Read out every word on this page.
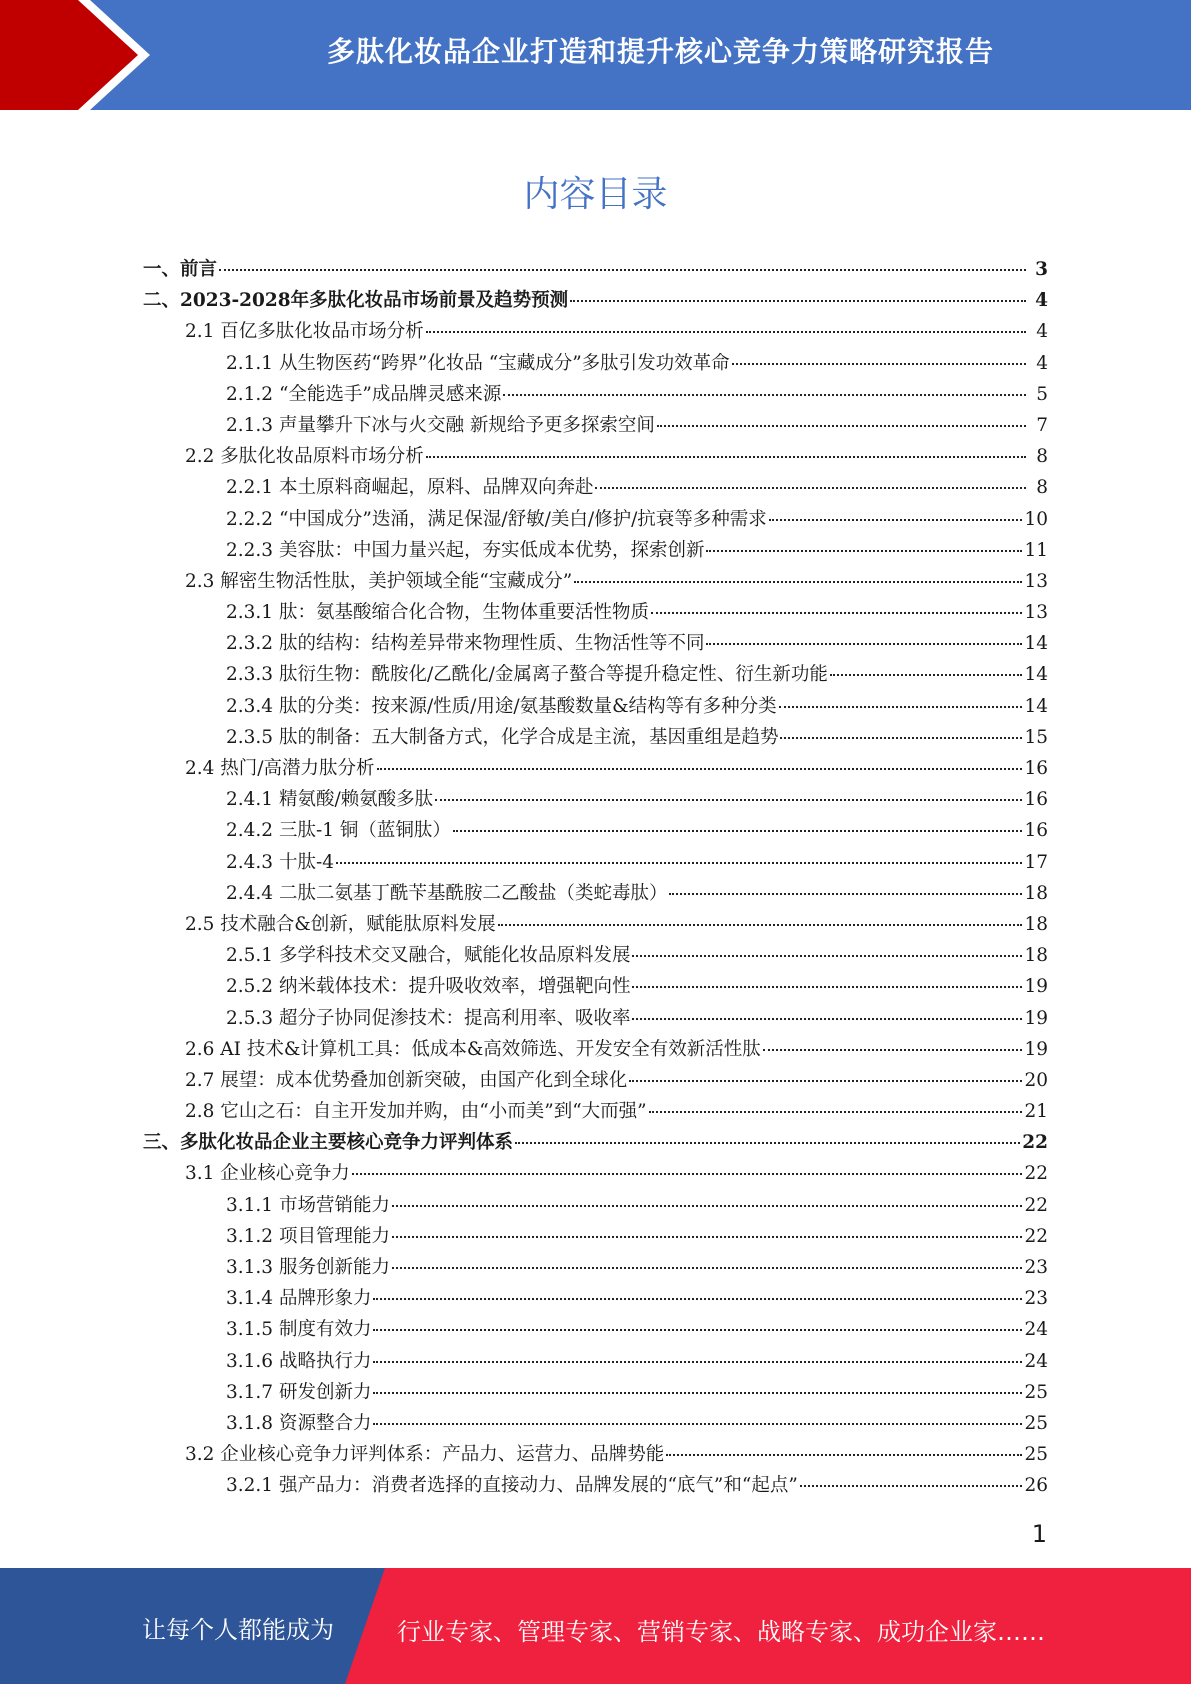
多肽化妆品企业打造和提升核心竞争力策略研究报告
内容目录
一、前言	3
二、2023-2028年多肽化妆品市场前景及趋势预测	4
2.1 百亿多肽化妆品市场分析	4
2.1.1 从生物医药“跨界”化妆品 “宝藏成分”多肽引发功效革命	4
2.1.2 “全能选手”成品牌灵感来源	5
2.1.3 声量攀升下冰与火交融 新规给予更多探索空间	7
2.2 多肽化妆品原料市场分析	8
2.2.1 本土原料商崛起，原料、品牌双向奔赴	8
2.2.2 “中国成分”迭涌，满足保湿/舒敏/美白/修护/抗衰等多种需求	10
2.2.3 美容肽：中国力量兴起，夯实低成本优势，探索创新	11
2.3 解密生物活性肽，美护领域全能“宝藏成分”	13
2.3.1 肽：氨基酸缩合化合物，生物体重要活性物质	13
2.3.2 肽的结构：结构差异带来物理性质、生物活性等不同	14
2.3.3 肽衍生物：酰胺化/乙酰化/金属离子螯合等提升稳定性、衍生新功能	14
2.3.4 肽的分类：按来源/性质/用途/氨基酸数量&结构等有多种分类	14
2.3.5 肽的制备：五大制备方式，化学合成是主流，基因重组是趋势	15
2.4 热门/高潜力肽分析	16
2.4.1 精氨酸/赖氨酸多肽	16
2.4.2 三肽-1 铜（蓝铜肽）	16
2.4.3 十肽-4	17
2.4.4 二肽二氨基丁酰苄基酰胺二乙酸盐（类蛇毒肽）	18
2.5 技术融合&创新，赋能肽原料发展	18
2.5.1 多学科技术交叉融合，赋能化妆品原料发展	18
2.5.2 纳米载体技术：提升吸收效率，增强靶向性	19
2.5.3 超分子协同促渗技术：提高利用率、吸收率	19
2.6 AI 技术&计算机工具：低成本&高效筛选、开发安全有效新活性肽	19
2.7 展望：成本优势叠加创新突破，由国产化到全球化	20
2.8 它山之石：自主开发加并购，由“小而美”到“大而强”	21
三、多肽化妆品企业主要核心竞争力评判体系	22
3.1 企业核心竞争力	22
3.1.1 市场营销能力	22
3.1.2 项目管理能力	22
3.1.3 服务创新能力	23
3.1.4 品牌形象力	23
3.1.5 制度有效力	24
3.1.6 战略执行力	24
3.1.7 研发创新力	25
3.1.8 资源整合力	25
3.2 企业核心竞争力评判体系：产品力、运营力、品牌势能	25
3.2.1 强产品力：消费者选择的直接动力、品牌发展的“底气”和“起点”	26
1
让每个人都能成为	行业专家、管理专家、营销专家、战略专家、成功企业家……
